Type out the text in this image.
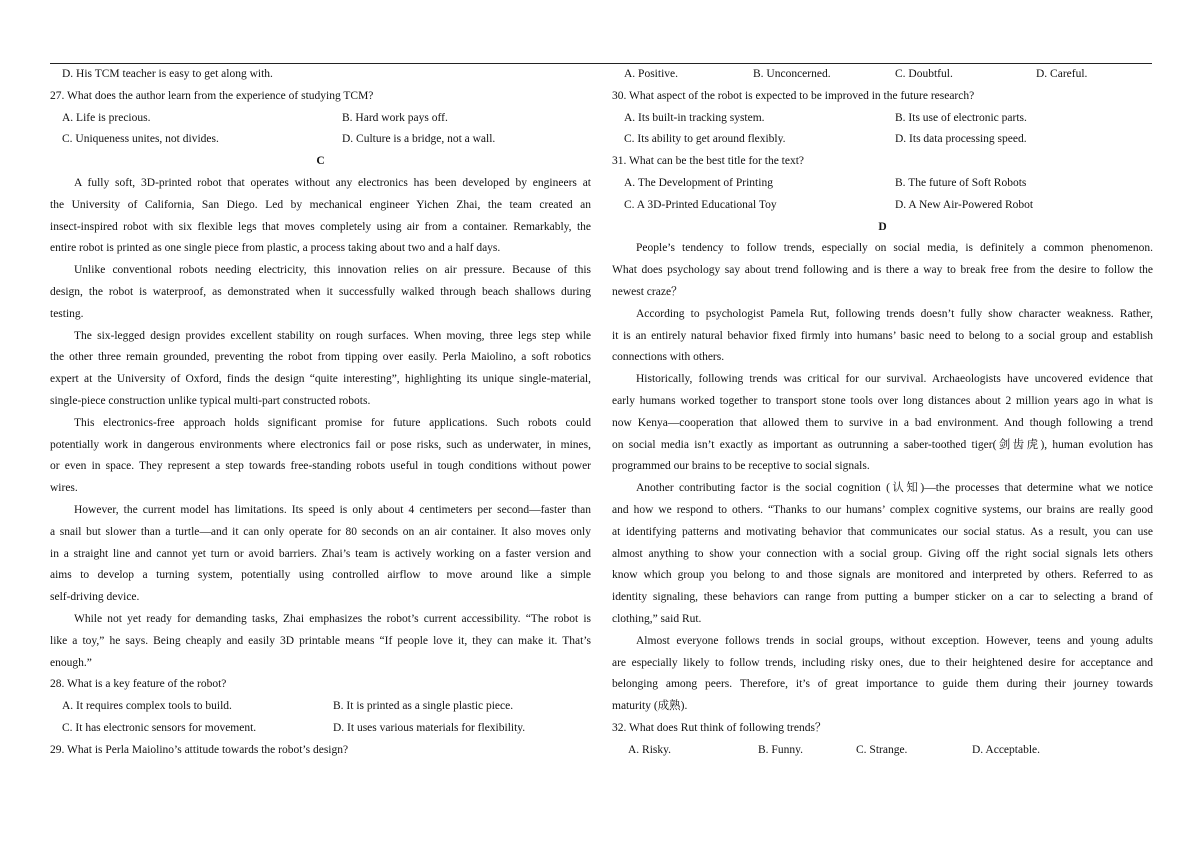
D. His TCM teacher is easy to get along with.
27. What does the author learn from the experience of studying TCM?
A. Life is precious.	B. Hard work pays off.
C. Uniqueness unites, not divides.	D. Culture is a bridge, not a wall.
C
A fully soft, 3D-printed robot that operates without any electronics has been developed by engineers at
the University of California, San Diego. Led by mechanical engineer Yichen Zhai, the team created an
insect-inspired robot with six flexible legs that moves completely using air from a container. Remarkably, the
entire robot is printed as one single piece from plastic, a process taking about two and a half days.
Unlike conventional robots needing electricity, this innovation relies on air pressure. Because of this
design, the robot is waterproof, as demonstrated when it successfully walked through beach shallows during
testing.
The six-legged design provides excellent stability on rough surfaces. When moving, three legs step while
the other three remain grounded, preventing the robot from tipping over easily. Perla Maiolino, a soft robotics
expert at the University of Oxford, finds the design “quite interesting”, highlighting its unique single-material,
single-piece construction unlike typical multi-part constructed robots.
This electronics-free approach holds significant promise for future applications. Such robots could
potentially work in dangerous environments where electronics fail or pose risks, such as underwater, in mines,
or even in space. They represent a step towards free-standing robots useful in tough conditions without power
wires.
However, the current model has limitations. Its speed is only about 4 centimeters per second—faster than
a snail but slower than a turtle—and it can only operate for 80 seconds on an air container. It also moves only
in a straight line and cannot yet turn or avoid barriers. Zhai’s team is actively working on a faster version and
aims to develop a turning system, potentially using controlled airflow to move around like a simple
self-driving device.
While not yet ready for demanding tasks, Zhai emphasizes the robot’s current accessibility. “The robot is
like a toy,” he says. Being cheaply and easily 3D printable means “If people love it, they can make it. That’s
enough.”
28. What is a key feature of the robot?
A. It requires complex tools to build.	B. It is printed as a single plastic piece.
C. It has electronic sensors for movement.	D. It uses various materials for flexibility.
29. What is Perla Maiolino’s attitude towards the robot’s design?
A. Positive.	B. Unconcerned.	C. Doubtful.	D. Careful.
30. What aspect of the robot is expected to be improved in the future research?
A. Its built-in tracking system.	B. Its use of electronic parts.
C. Its ability to get around flexibly.	D. Its data processing speed.
31. What can be the best title for the text?
A. The Development of Printing	B. The future of Soft Robots
C. A 3D-Printed Educational Toy	D. A New Air-Powered Robot
D
People’s tendency to follow trends, especially on social media, is definitely a common phenomenon.
What does psychology say about trend following and is there a way to break free from the desire to follow the
newest craze？
According to psychologist Pamela Rut, following trends doesn’t fully show character weakness. Rather,
it is an entirely natural behavior fixed firmly into humans’ basic need to belong to a social group and establish
connections with others.
Historically, following trends was critical for our survival. Archaeologists have uncovered evidence that
early humans worked together to transport stone tools over long distances about 2 million years ago in what is
now Kenya—cooperation that allowed them to survive in a bad environment. And though following a trend
on social media isn’t exactly as important as outrunning a saber-toothed tiger(剑齿虎), human evolution has
programmed our brains to be receptive to social signals.
Another contributing factor is the social cognition (认知)—the processes that determine what we notice
and how we respond to others. “Thanks to our humans’ complex cognitive systems, our brains are really good
at identifying patterns and motivating behavior that communicates our social status. As a result, you can use
almost anything to show your connection with a social group. Giving off the right social signals lets others
know which group you belong to and those signals are monitored and interpreted by others. Referred to as
identity signaling, these behaviors can range from putting a bumper sticker on a car to selecting a brand of
clothing,” said Rut.
Almost everyone follows trends in social groups, without exception. However, teens and young adults
are especially likely to follow trends, including risky ones, due to their heightened desire for acceptance and
belonging among peers. Therefore, it’s of great importance to guide them during their journey towards
maturity (成熟).
32. What does Rut think of following trends？
A. Risky.	B. Funny.	C. Strange.	D. Acceptable.
